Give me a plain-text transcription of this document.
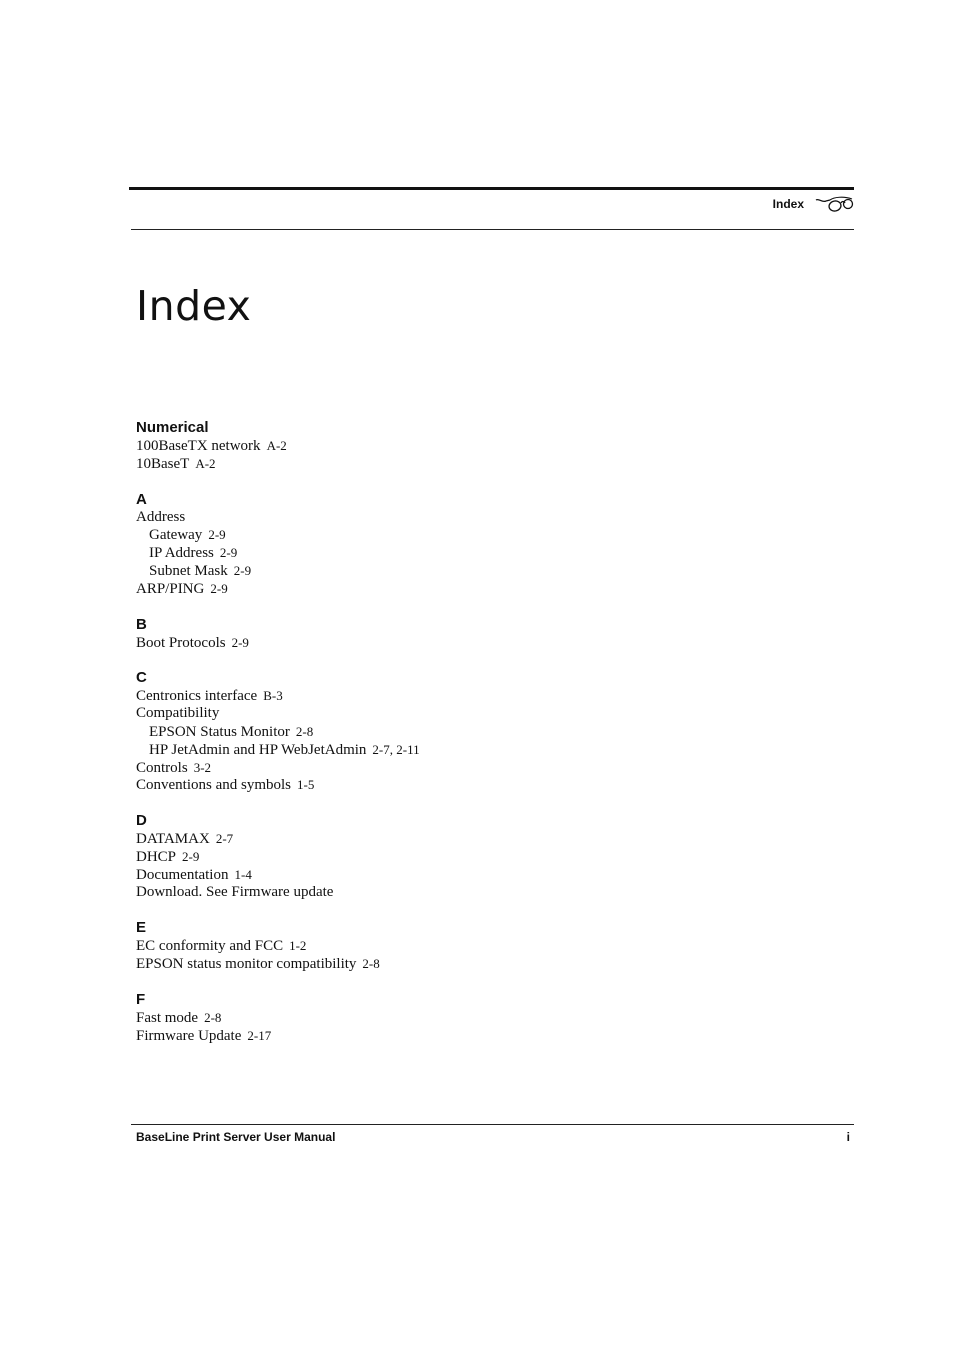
Index
Index
Numerical
100BaseTX network A-2
10BaseT A-2
A
Address
Gateway 2-9
IP Address 2-9
Subnet Mask 2-9
ARP/PING 2-9
B
Boot Protocols 2-9
C
Centronics interface B-3
Compatibility
EPSON Status Monitor 2-8
HP JetAdmin and HP WebJetAdmin 2-7, 2-11
Controls 3-2
Conventions and symbols 1-5
D
DATAMAX 2-7
DHCP 2-9
Documentation 1-4
Download. See Firmware update
E
EC conformity and FCC 1-2
EPSON status monitor compatibility 2-8
F
Fast mode 2-8
Firmware Update 2-17
BaseLine Print Server User Manual	i
